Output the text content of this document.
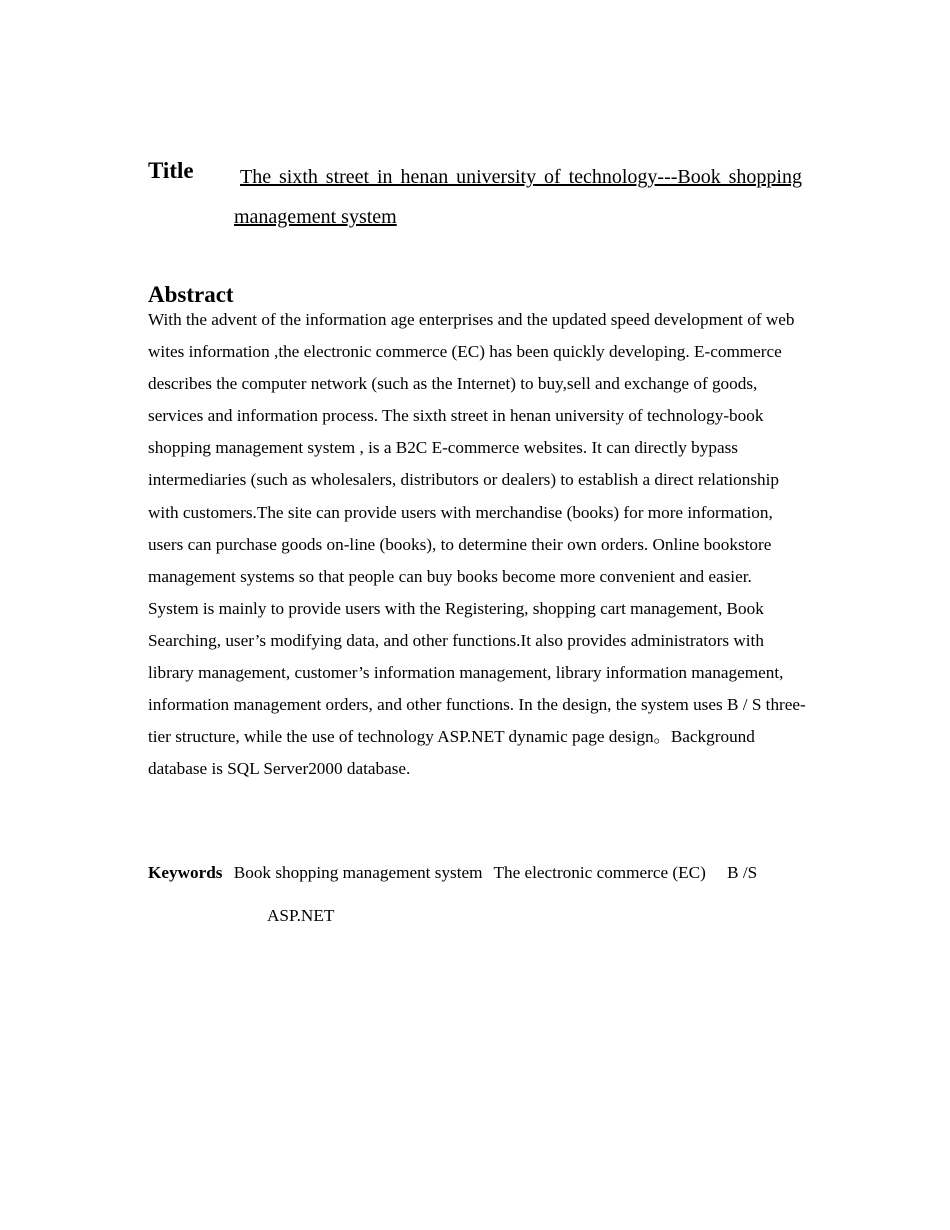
Title	The sixth street in henan university of technology---Book shopping management system
Abstract

With the advent of the information age enterprises and the updated speed development of web wites information ,the electronic commerce (EC) has been quickly developing. E-commerce describes the computer network (such as the Internet) to buy,sell and exchange of goods, services and information process. The sixth street in henan university of technology-book shopping management system , is a B2C E-commerce websites. It can directly bypass intermediaries (such as wholesalers, distributors or dealers) to establish a direct relationship with customers.The site can provide users with merchandise (books) for more information, users can purchase goods on-line (books), to determine their own orders. Online bookstore management systems so that people can buy books become more convenient and easier.

System is mainly to provide users with the Registering, shopping cart management, Book Searching, user’s modifying data, and other functions.It also provides administrators with library management, customer’s information management, library information management, information management orders, and other functions. In the design, the system uses B / S three-tier structure, while the use of technology ASP.NET dynamic page design。Background database is SQL Server2000 database.

Keywords Book shopping management system The electronic commerce (EC) B /S
ASP.NET
